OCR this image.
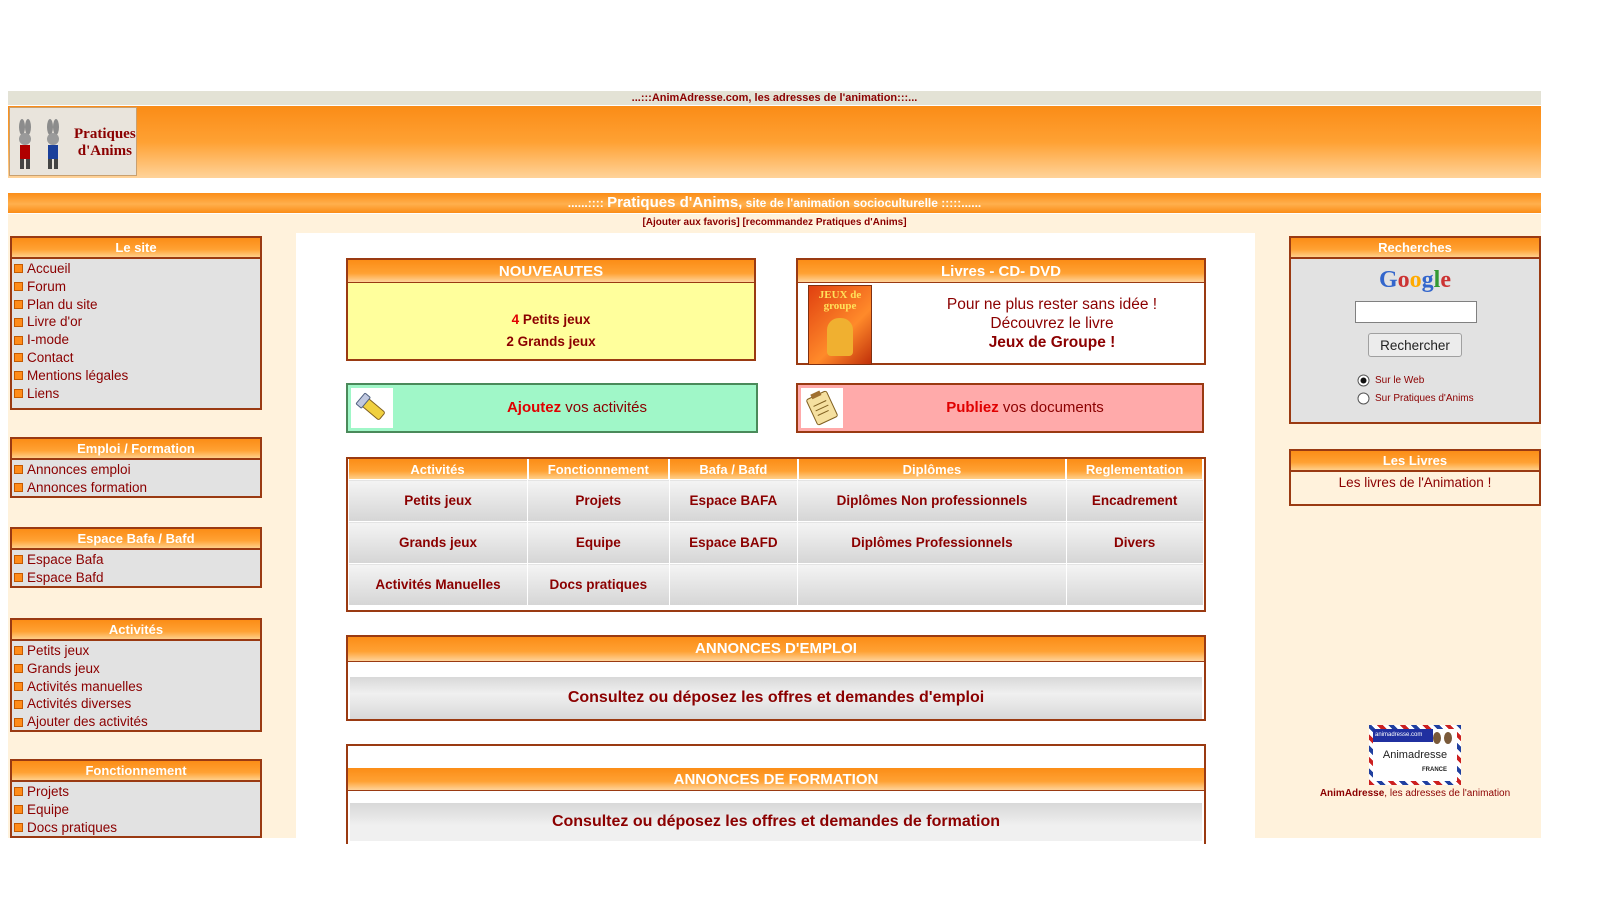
...:::AnimAdresse.com, les adresses de l'animation:::...
Pratiques
d'Anims
......:::: Pratiques d'Anims, site de l'animation socioculturelle :::::......
[Ajouter aux favoris] [recommandez Pratiques d'Anims]
Le site
Accueil
Forum
Plan du site
Livre d'or
I-mode
Contact
Mentions légales
Liens
Emploi / Formation
Annonces emploi
Annonces formation
Espace Bafa / Bafd
Espace Bafa
Espace Bafd
Activités
Petits jeux
Grands jeux
Activités manuelles
Activités diverses
Ajouter des activités
Fonctionnement
Projets
Equipe
Docs pratiques
NOUVEAUTES
4 Petits jeux
2 Grands jeux
Livres - CD- DVD
JEUX de groupe	Pour ne plus rester sans idée !
Découvrez le livre
Jeux de Groupe !
Ajoutez vos activités	Publiez vos documents
Activités	Fonctionnement	Bafa / Bafd	Diplômes	Reglementation
Petits jeux	Projets	Espace BAFA	Diplômes Non professionnels	Encadrement
Grands jeux	Equipe	Espace BAFD	Diplômes Professionnels	Divers
Activités Manuelles	Docs pratiques			
ANNONCES D'EMPLOI
Consultez ou déposez les offres et demandes d'emploi
ANNONCES DE FORMATION
Consultez ou déposez les offres et demandes de formation
Recherches
Google
Rechercher
Sur le Web
Sur Pratiques d'Anims
Les Livres
Les livres de l'Animation !
animadresse.com
Animadresse
FRANCE
AnimAdresse, les adresses de l'animation
